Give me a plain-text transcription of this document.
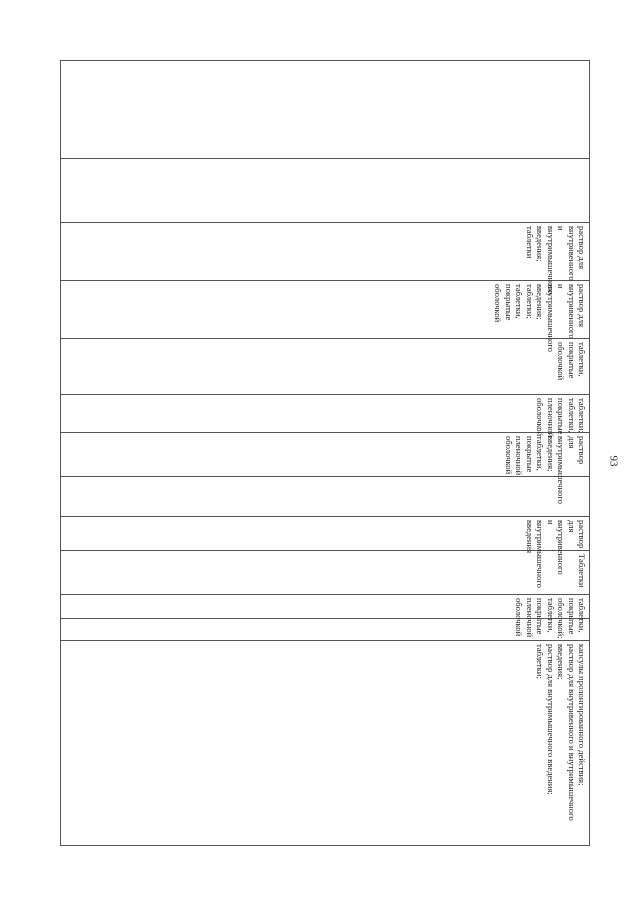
раствор для внутривенного и внутримышечного введения;
таблетки

раствор для внутривенного и внутримышечного введения;
таблетки;
таблетки, покрытые оболочкой

таблетки, покрытые оболочкой

таблетки;
таблетки, покрытые пленочной оболочкой

раствор для внутримышечного введения;
таблетки, покрытые пленочной оболочкой

раствор для внутривенного и внутримышечного введения

Таблетки

таблетки, покрытые оболочкой;
таблетки, покрытые пленочной оболочкой

капсулы пролонгированного действия;
раствор для внутривенного и внутримышечного введения;
раствор для внутримышечного введения;
таблетки;
93
